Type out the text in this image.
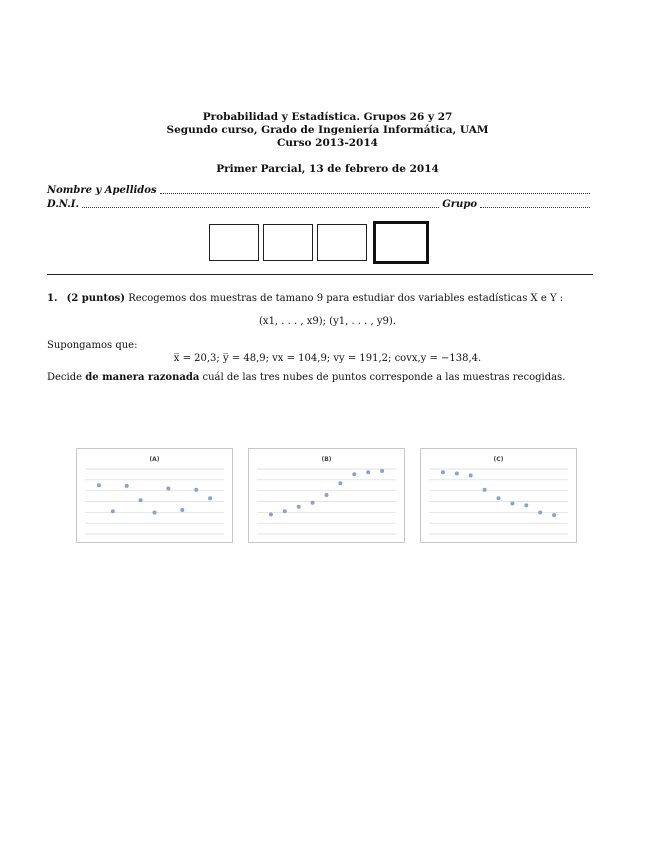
Probabilidad y Estadística. Grupos 26 y 27
Segundo curso, Grado de Ingeniería Informática, UAM
Curso 2013-2014
Primer Parcial, 13 de febrero de 2014
Nombre y Apellidos
D.N.I.	Grupo
1. (2 puntos) Recogemos dos muestras de tamano 9 para estudiar dos variables estadísticas X e Y :
(x1, . . . , x9); (y1, . . . , y9).
Supongamos que:
x̅ = 20,3; y̅ = 48,9; vx = 104,9; vy = 191,2; covx,y = −138,4.
Decide de manera razonada cuál de las tres nubes de puntos corresponde a las muestras recogidas.
(A)	(B)	(C)
